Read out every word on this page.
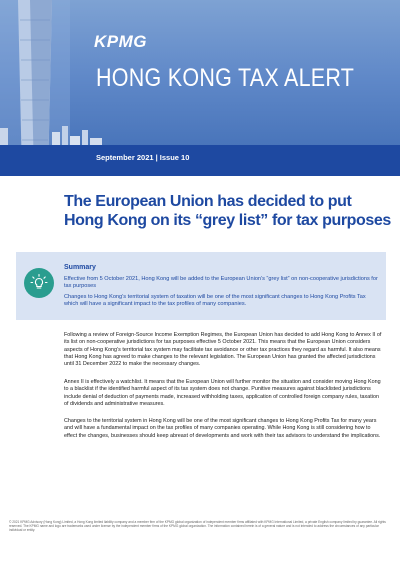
KPMG
HONG KONG TAX ALERT
September 2021 | Issue 10
The European Union has decided to put Hong Kong on its “grey list” for tax purposes
Summary

Effective from 5 October 2021, Hong Kong will be added to the European Union’s “grey list” on non-cooperative jurisdictions for tax purposes

Changes to Hong Kong’s territorial system of taxation will be one of the most significant changes to Hong Kong Profits Tax which will have a significant impact to the tax profiles of many companies.

Following a review of Foreign-Source Income Exemption Regimes, the European Union has decided to add Hong Kong to Annex II of its list on non-cooperative jurisdictions for tax purposes effective 5 October 2021. This means that the European Union considers aspects of Hong Kong’s territorial tax system may facilitate tax avoidance or other tax practices they regard as harmful. It also means that Hong Kong has agreed to make changes to the relevant legislation. The European Union has granted the affected jurisdictions until 31 December 2022 to make the necessary changes.

Annex II is effectively a watchlist. It means that the European Union will further monitor the situation and consider moving Hong Kong to a blacklist if the identified harmful aspect of its tax system does not change. Punitive measures against blacklisted jurisdictions include denial of deduction of payments made, increased withholding taxes, application of controlled foreign company rules, taxation of dividends and administrative measures.

Changes to the territorial system in Hong Kong will be one of the most significant changes to Hong Kong Profits Tax for many years and will have a fundamental impact on the tax profiles of many companies operating. While Hong Kong is still considering how to effect the changes, businesses should keep abreast of developments and work with their tax advisors to understand the implications.

© 2021 KPMG Advisory (Hong Kong) Limited, a Hong Kong limited liability company and a member firm of the KPMG global organization of independent member firms affiliated with KPMG International Limited, a private English company limited by guarantee. All rights reserved. The KPMG name and logo are trademarks used under license by the independent member firms of the KPMG global organization. The information contained herein is of a general nature and is not intended to address the circumstances of any particular individual or entity.
